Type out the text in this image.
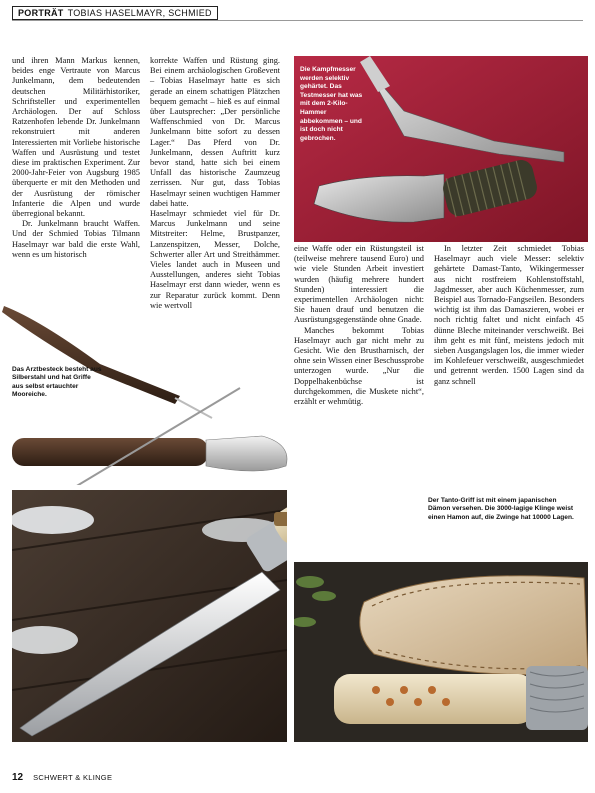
PORTRÄT TOBIAS HASELMAYR, SCHMIED
Die Kampfmesser werden selektiv gehärtet. Das Testmesser hat was mit dem 2-Kilo-Hammer abbekommen – und ist doch nicht gebrochen.

und ihren Mann Markus kennen, beides enge Vertraute von Marcus Junkelmann, dem bedeutenden deutschen Militärhistoriker, Schriftsteller und experimentellen Archäologen. Der auf Schloss Ratzenhofen lebende Dr. Junkelmann rekonstruiert mit anderen Interessierten mit Vorliebe historische Waffen und Ausrüstung und testet diese im praktischen Experiment. Zur 2000-Jahr-Feier von Augsburg 1985 überquerte er mit den Methoden und der Ausrüstung der römischer Infanterie die Alpen und wurde überregional bekannt.

Dr. Junkelmann braucht Waffen. Und der Schmied Tobias Tilmann Haselmayr war bald die erste Wahl, wenn es um historisch

korrekte Waffen und Rüstung ging. Bei einem archäologischen Großevent – Tobias Haselmayr hatte es sich gerade an einem schattigen Plätzchen bequem gemacht – hieß es auf einmal über Lautsprecher: „Der persönliche Waffenschmied von Dr. Marcus Junkelmann bitte sofort zu dessen Lager.“ Das Pferd von Dr. Junkelmann, dessen Auftritt kurz bevor stand, hatte sich bei einem Unfall das historische Zaumzeug zerrissen. Nur gut, dass Tobias Haselmayr seinen wuchtigen Hammer dabei hatte.

Haselmayr schmiedet viel für Dr. Marcus Junkelmann und seine Mitstreiter: Helme, Brustpanzer, Lanzenspitzen, Messer, Dolche, Schwerter aller Art und Streithämmer. Vieles landet auch in Museen und Ausstellungen, anderes sieht Tobias Haselmayr erst dann wieder, wenn es zur Reparatur zurück kommt. Denn wie wertvoll

eine Waffe oder ein Rüstungsteil ist (teilweise mehrere tausend Euro) und wie viele Stunden Arbeit investiert wurden (häufig mehrere hundert Stunden) interessiert die experimentellen Archäologen nicht: Sie hauen drauf und benutzen die Ausrüstungsgegenstände ohne Gnade.

Manches bekommt Tobias Haselmayr auch gar nicht mehr zu Gesicht. Wie den Brustharnisch, der ohne sein Wissen einer Beschussprobe unterzogen wurde. „Nur die Doppelhakenbüchse ist durchgekommen, die Muskete nicht“, erzählt er wehmütig.

In letzter Zeit schmiedet Tobias Haselmayr auch viele Messer: selektiv gehärtete Damast-Tanto, Wikingermesser aus nicht rostfreiem Kohlenstoffstahl, Jagdmesser, aber auch Küchenmesser, zum Beispiel aus Tornado-Fangseilen. Besonders wichtig ist ihm das Damaszieren, wobei er noch richtig faltet und nicht einfach 45 dünne Bleche miteinander verschweißt. Bei ihm geht es mit fünf, meistens jedoch mit sieben Ausgangslagen los, die immer wieder im Kohlefeuer verschweißt, ausgeschmiedet und getrennt werden. 1500 Lagen sind da ganz schnell

Das Arztbesteck besteht aus Silberstahl und hat Griffe aus selbst ertauchter Mooreiche.
Der Tanto-Griff ist mit einem japanischen Dämon versehen. Die 3000-lagige Klinge weist einen Hamon auf, die Zwinge hat 10000 Lagen.
12 SCHWERT & KLINGE
